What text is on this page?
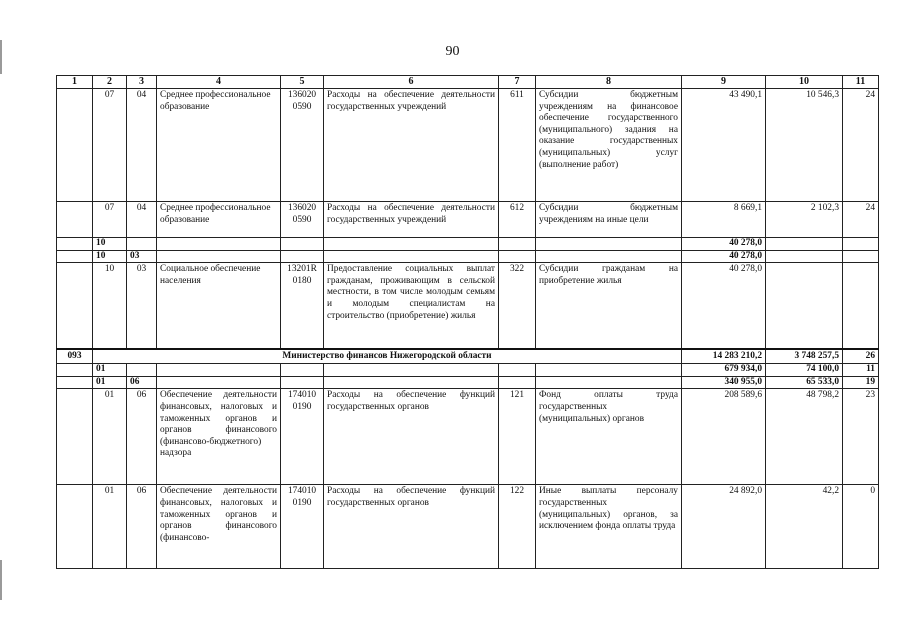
90
1	2	3	4	5	6	7	8	9	10	11
	07	04	Среднее профессиональное образование	136020 0590	Расходы на обеспечение деятельности государственных учреждений	611	Субсидии бюджетным учреждениям на финансовое обеспечение государственного (муниципального) задания на оказание государственных (муниципальных) услуг (выполнение работ)	43 490,1	10 546,3	24
	07	04	Среднее профессиональное образование	136020 0590	Расходы на обеспечение деятельности государственных учреждений	612	Субсидии бюджетным учреждениям на иные цели	8 669,1	2 102,3	24
	10							40 278,0		
	10	03						40 278,0		
	10	03	Социальное обеспечение населения	13201R 0180	Предоставление социальных выплат гражданам, проживающим в сельской местности, в том числе молодым семьям и молодым специалистам на строительство (приобретение) жилья	322	Субсидии гражданам на приобретение жилья	40 278,0		
093	Министерство финансов Нижегородской области							14 283 210,2	3 748 257,5	26
	01							679 934,0	74 100,0	11
	01	06						340 955,0	65 533,0	19
	01	06	Обеспечение деятельности финансовых, налоговых и таможенных органов и органов финансового (финансово-бюджетного) надзора	174010 0190	Расходы на обеспечение функций государственных органов	121	Фонд оплаты труда государственных (муниципальных) органов	208 589,6	48 798,2	23
	01	06	Обеспечение деятельности финансовых, налоговых и таможенных органов и органов финансового (финансово-	174010 0190	Расходы на обеспечение функций государственных органов	122	Иные выплаты персоналу государственных (муниципальных) органов, за исключением фонда оплаты труда	24 892,0	42,2	0
